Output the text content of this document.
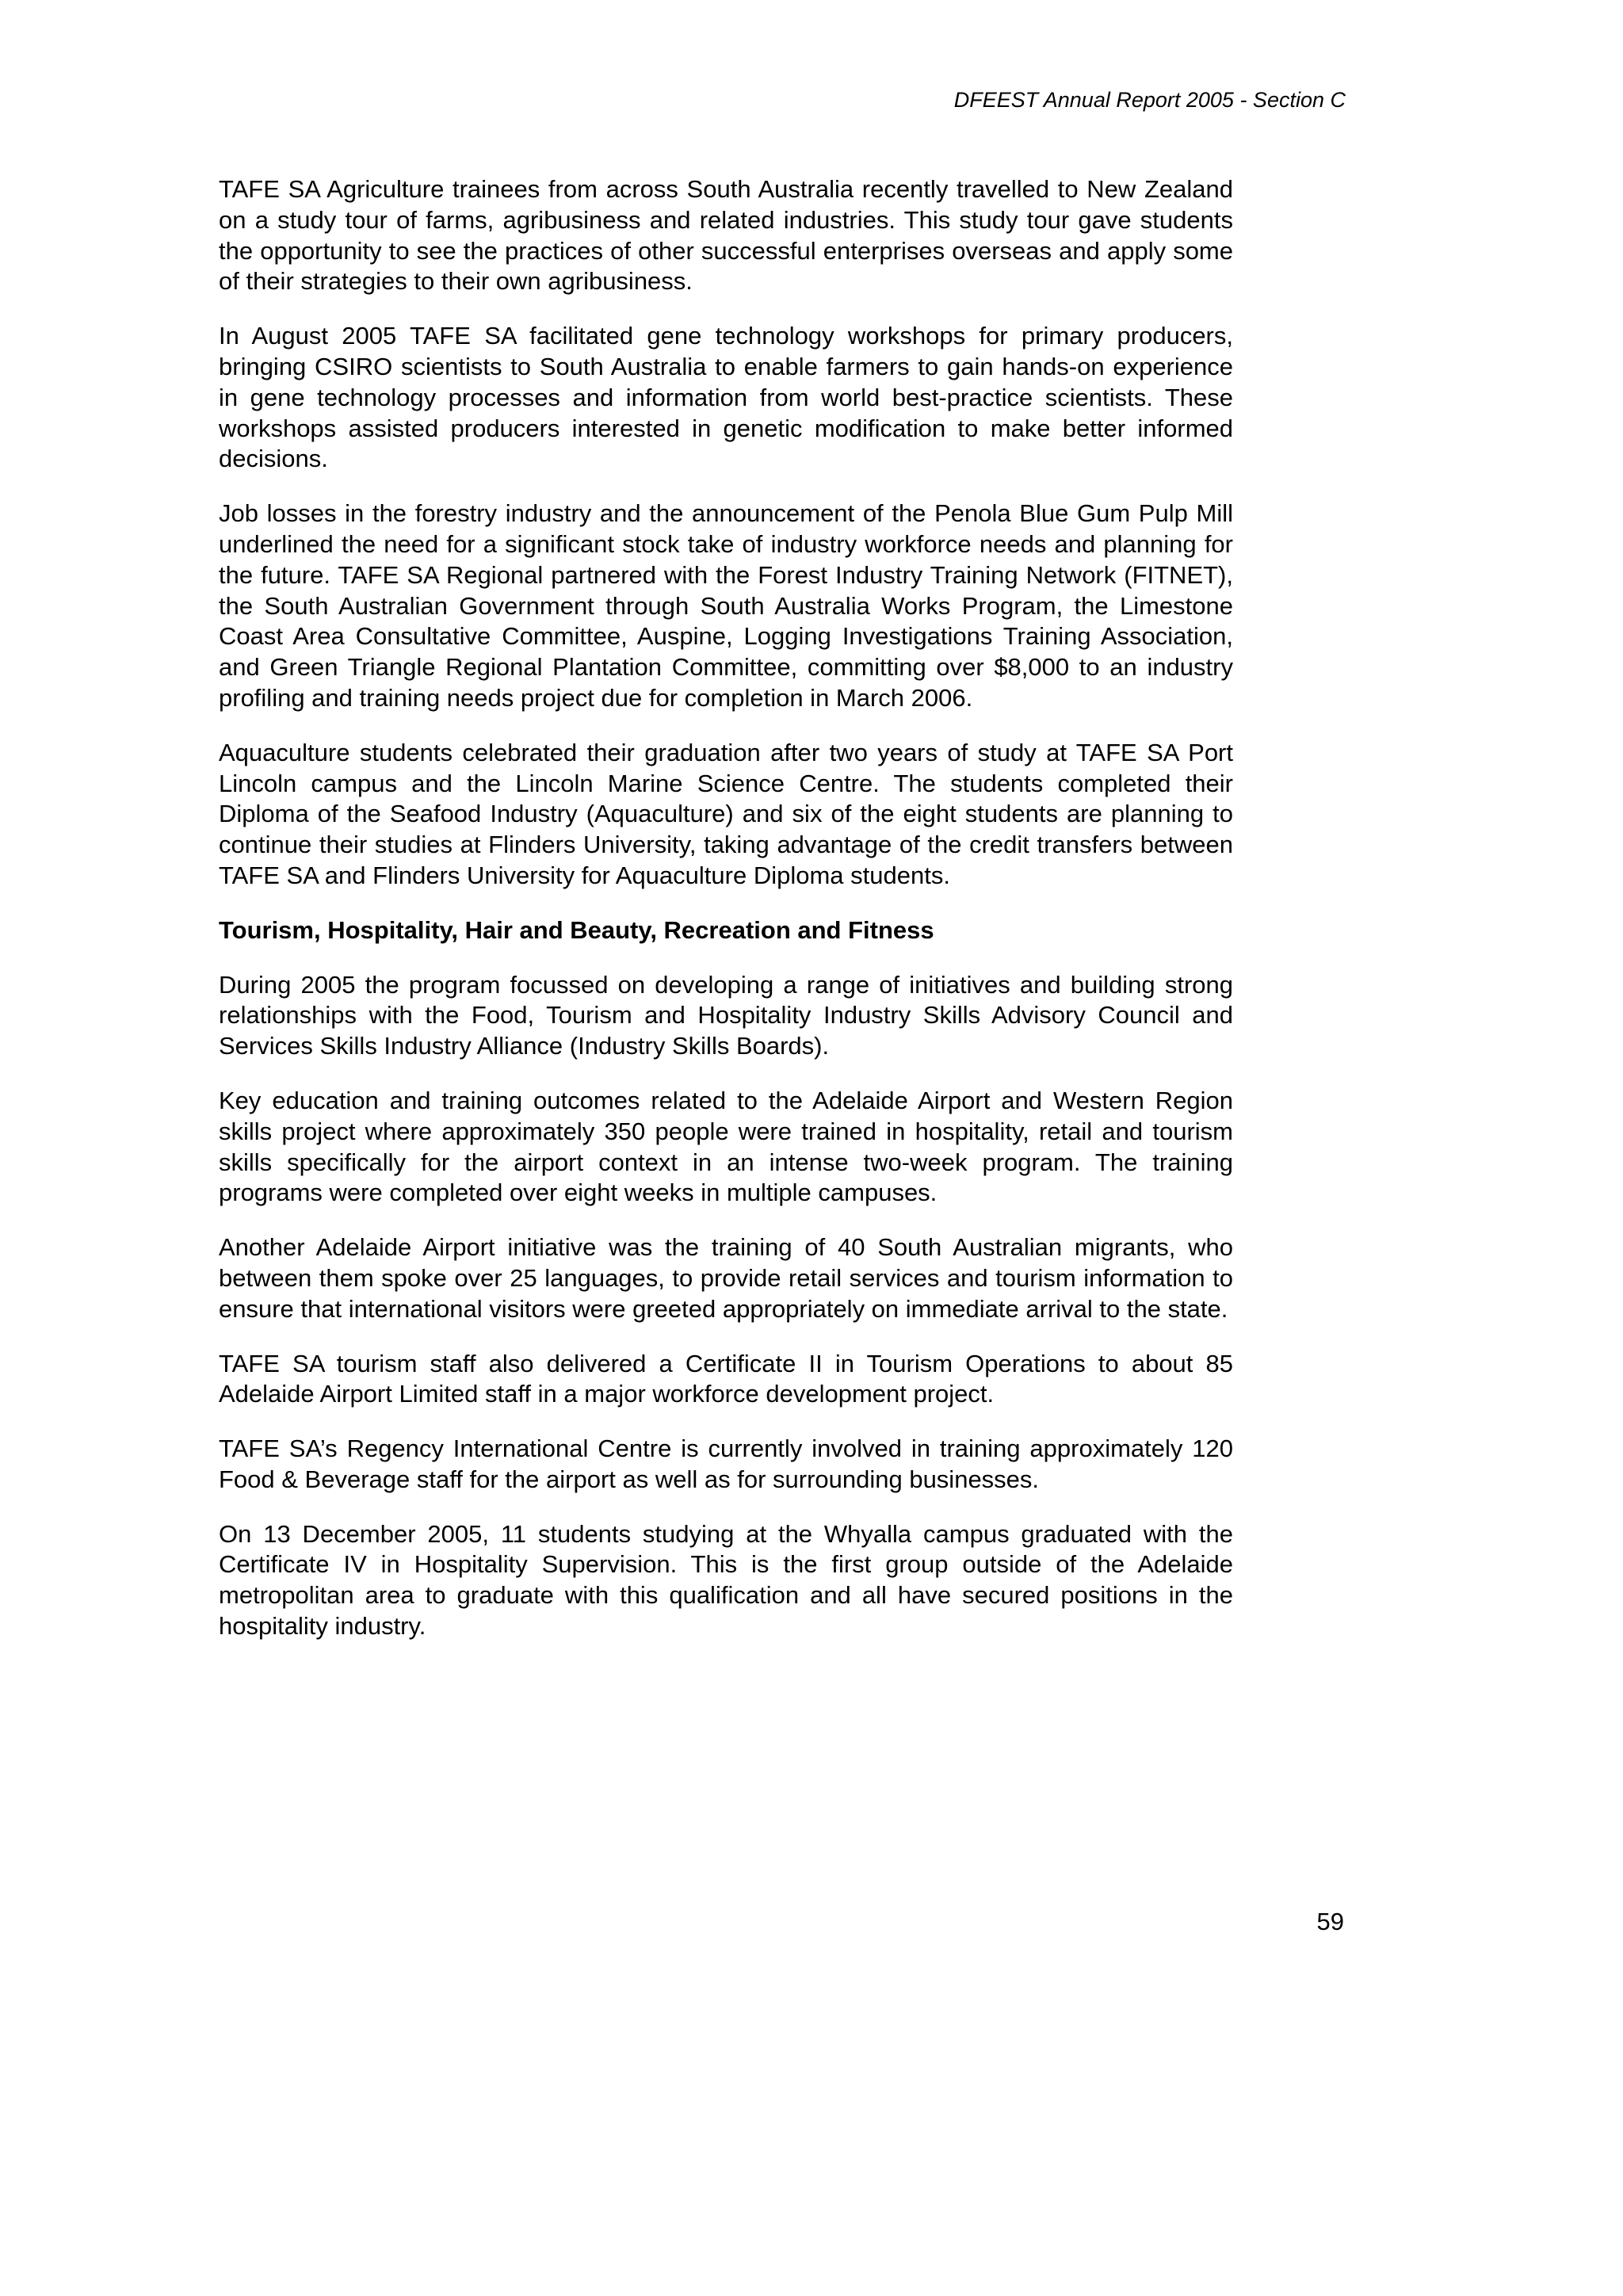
DFEEST Annual Report 2005 - Section C

TAFE SA Agriculture trainees from across South Australia recently travelled to New Zealand on a study tour of farms, agribusiness and related industries. This study tour gave students the opportunity to see the practices of other successful enterprises overseas and apply some of their strategies to their own agribusiness.

In August 2005 TAFE SA facilitated gene technology workshops for primary producers, bringing CSIRO scientists to South Australia to enable farmers to gain hands-on experience in gene technology processes and information from world best-practice scientists. These workshops assisted producers interested in genetic modification to make better informed decisions.

Job losses in the forestry industry and the announcement of the Penola Blue Gum Pulp Mill underlined the need for a significant stock take of industry workforce needs and planning for the future. TAFE SA Regional partnered with the Forest Industry Training Network (FITNET), the South Australian Government through South Australia Works Program, the Limestone Coast Area Consultative Committee, Auspine, Logging Investigations Training Association, and Green Triangle Regional Plantation Committee, committing over $8,000 to an industry profiling and training needs project due for completion in March 2006.

Aquaculture students celebrated their graduation after two years of study at TAFE SA Port Lincoln campus and the Lincoln Marine Science Centre. The students completed their Diploma of the Seafood Industry (Aquaculture) and six of the eight students are planning to continue their studies at Flinders University, taking advantage of the credit transfers between TAFE SA and Flinders University for Aquaculture Diploma students.

Tourism, Hospitality, Hair and Beauty, Recreation and Fitness

During 2005 the program focussed on developing a range of initiatives and building strong relationships with the Food, Tourism and Hospitality Industry Skills Advisory Council and Services Skills Industry Alliance (Industry Skills Boards).

Key education and training outcomes related to the Adelaide Airport and Western Region skills project where approximately 350 people were trained in hospitality, retail and tourism skills specifically for the airport context in an intense two-week program. The training programs were completed over eight weeks in multiple campuses.

Another Adelaide Airport initiative was the training of 40 South Australian migrants, who between them spoke over 25 languages, to provide retail services and tourism information to ensure that international visitors were greeted appropriately on immediate arrival to the state.

TAFE SA tourism staff also delivered a Certificate II in Tourism Operations to about 85 Adelaide Airport Limited staff in a major workforce development project.

TAFE SA’s Regency International Centre is currently involved in training approximately 120 Food & Beverage staff for the airport as well as for surrounding businesses.

On 13 December 2005, 11 students studying at the Whyalla campus graduated with the Certificate IV in Hospitality Supervision. This is the first group outside of the Adelaide metropolitan area to graduate with this qualification and all have secured positions in the hospitality industry.

59
